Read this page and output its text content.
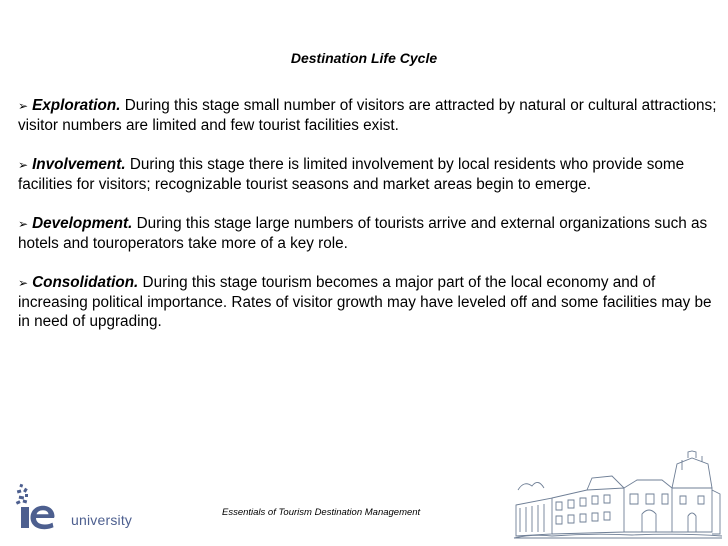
Destination Life Cycle

➢ Exploration. During this stage small number of visitors are attracted by natural or cultural attractions; visitor numbers are limited and few tourist facilities exist.

➢ Involvement. During this stage there is limited involvement by local residents who provide some facilities for visitors; recognizable tourist seasons and market areas begin to emerge.

➢ Development. During this stage large numbers of tourists arrive and external organizations such as hotels and touroperators take more of a key role.

➢ Consolidation. During this stage tourism becomes a major part of the local economy and of increasing political importance. Rates of visitor growth may have leveled off and some facilities may be in need of upgrading.

university	Essentials of Tourism Destination Management
